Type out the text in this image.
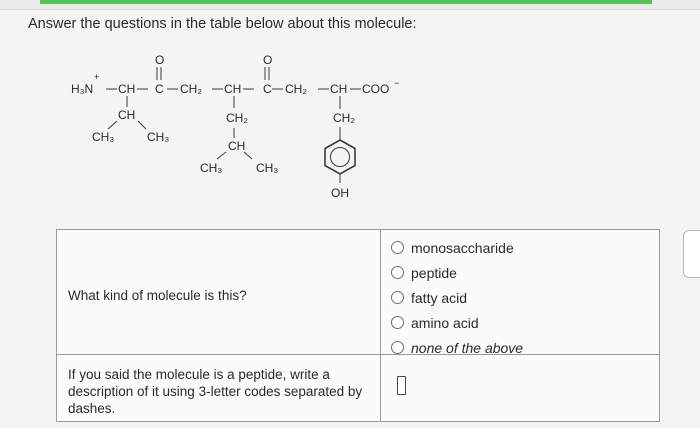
Answer the questions in the table below about this molecule:
H₃N
+
CH C
O
CH₂ CH C
O
CH₂ CH COO −
CH
CH₃	CH₃
CH₂
CH
CH₃	CH₃
CH₂
OH
What kind of molecule is this?
monosaccharide
peptide
fatty acid
amino acid
none of the above
If you said the molecule is a peptide, write a description of it using 3-letter codes separated by dashes.
